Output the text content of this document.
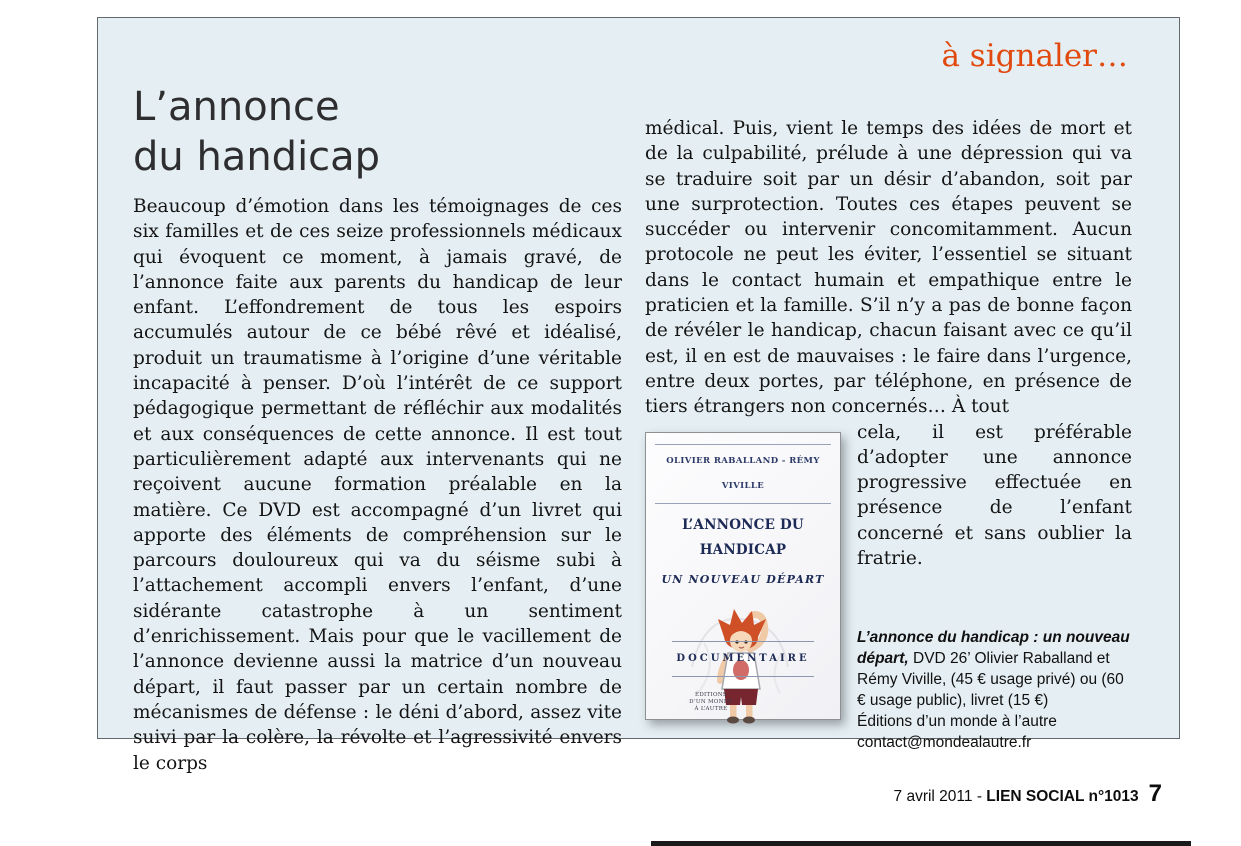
à signaler…
L’annonce
du handicap

Beaucoup d’émotion dans les témoignages de ces six familles et de ces seize professionnels médicaux qui évoquent ce moment, à jamais gravé, de l’annonce faite aux parents du handicap de leur enfant. L’effondrement de tous les espoirs accumulés autour de ce bébé rêvé et idéalisé, produit un traumatisme à l’origine d’une véritable incapacité à penser. D’où l’intérêt de ce support pédagogique permettant de réfléchir aux modalités et aux conséquences de cette annonce. Il est tout particulièrement adapté aux intervenants qui ne reçoivent aucune formation préalable en la matière. Ce DVD est accompagné d’un livret qui apporte des éléments de compréhension sur le parcours douloureux qui va du séisme subi à l’attachement accompli envers l’enfant, d’une sidérante catastrophe à un sentiment d’enrichissement. Mais pour que le vacillement de l’annonce devienne aussi la matrice d’un nouveau départ, il faut passer par un certain nombre de mécanismes de défense : le déni d’abord, assez vite suivi par la colère, la révolte et l’agressivité envers le corps

médical. Puis, vient le temps des idées de mort et de la culpabilité, prélude à une dépression qui va se traduire soit par un désir d’abandon, soit par une surprotection. Toutes ces étapes peuvent se succéder ou intervenir concomitamment. Aucun protocole ne peut les éviter, l’essentiel se situant dans le contact humain et empathique entre le praticien et la famille. S’il n’y a pas de bonne façon de révéler le handicap, chacun faisant avec ce qu’il est, il en est de mauvaises : le faire dans l’urgence, entre deux portes, par téléphone, en présence de tiers étrangers non concernés… À tout

OLIVIER RABALLAND - RÉMY VIVILLE
L’ANNONCE DU HANDICAP
UN NOUVEAU DÉPART
DOCUMENTAIRE
ÉDITIONS
D’UN MONDE
À L’AUTRE

cela, il est préférable d’adopter une annonce progressive effectuée en présence de l’enfant concerné et sans oublier la fratrie.

L’annonce du handicap : un nouveau départ, DVD 26’ Olivier Raballand et Rémy Viville, (45 € usage privé) ou (60 € usage public), livret (15 €)
Éditions d’un monde à l’autre
contact@mondealautre.fr
7 avril 2011 - LIEN SOCIAL n°1013 7
